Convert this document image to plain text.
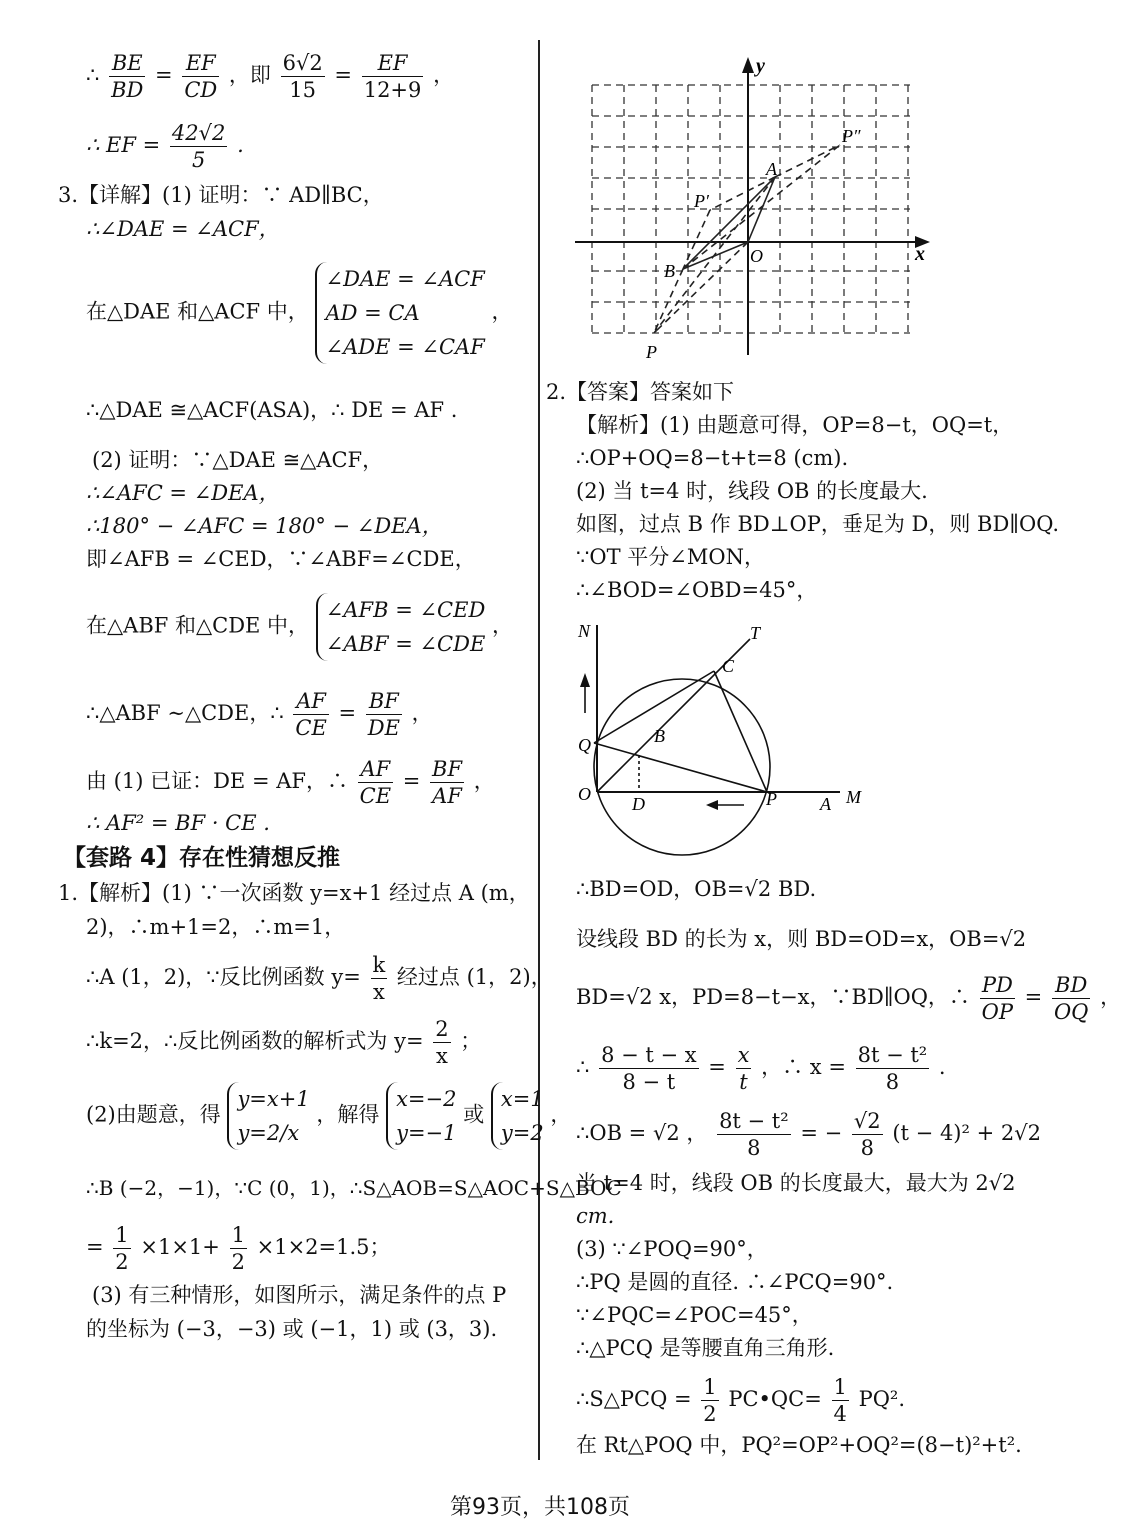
∴ $\frac{BE}{BD} = \frac{EF}{CD}$ ，即 $\frac{6√2}{15} = \frac{EF}{12+9}$ ，
∴ EF = $\frac{42√2}{5}$ .
3.【详解】(1) 证明：∵ AD∥BC，
∴∠DAE = ∠ACF，
在△DAE 和△ACF 中，
∠DAE = ∠ACF
AD = CA
∠ADE = ∠CAF
，
∴△DAE ≅△ACF(ASA)，∴ DE = AF .
(2) 证明：∵△DAE ≅△ACF，
∴∠AFC = ∠DEA，
∴180° − ∠AFC = 180° − ∠DEA，
即∠AFB = ∠CED，∵∠ABF=∠CDE，
在△ABF 和△CDE 中，
∠AFB = ∠CED
∠ABF = ∠CDE
，
∴△ABF ∼△CDE，∴ $\frac{AF}{CE} = \frac{BF}{DE}$ ，
由 (1) 已证：DE = AF，∴ $\frac{AF}{CE} = \frac{BF}{AF}$ ，
∴ AF² = BF · CE .
【套路 4】存在性猜想反推
1.【解析】(1) ∵一次函数 y=x+1 经过点 A (m，
2)，∴m+1=2，∴m=1，
∴A (1，2)，∵反比例函数 $y= \frac{k}{x}$ 经过点 (1，2)，
∴k=2，∴反比例函数的解析式为 $y= \frac{2}{x}$ ；
(2)由题意，得
y=x+1
y=2/x
，解得
x=−2
y=−1
或
x=1
y=2
，
∴B (−2，−1)，∵C (0，1)，∴S△AOB=S△AOC+S△BOC
= $\frac{1}{2} \times 1\times 1+ \frac{1}{2} \times 1\times 2=1.5$；
(3) 有三种情形，如图所示，满足条件的点 P
的坐标为 (−3，−3) 或 (−1，1) 或 (3，3).
y
x
O
A
B
P
P′
P″
2.【答案】答案如下
【解析】(1) 由题意可得，OP=8−t，OQ=t，
∴OP+OQ=8−t+t=8 (cm).
(2) 当 t=4 时，线段 OB 的长度最大.
如图，过点 B 作 BD⊥OP，垂足为 D，则 BD∥OQ.
∵OT 平分∠MON，
∴∠BOD=∠OBD=45°，
N	T
C
Q	B
O D	P A M
∴BD=OD，OB=√2 BD.
设线段 BD 的长为 x，则 BD=OD=x，OB=√2
BD=√2 x，PD=8−t−x，∵BD∥OQ，∴ $\frac{PD}{OP} = \frac{BD}{OQ}$ ，
∴ $\frac{8 - t - x}{8 - t} = \frac{x}{t}$ ，∴ $x = \frac{\text{8t − t²}}{8}$ .
∴OB = √2 ， $\frac{\text{8t − t²}}{8}$ = − $\frac{√2}{8} (t - 4)^2 + 2√2$
当 t=4 时，线段 OB 的长度最大，最大为 2√2
cm.
(3) ∵∠POQ=90°，
∴PQ 是圆的直径. ∴∠PCQ=90°.
∵∠PQC=∠POC=45°，
∴△PCQ 是等腰直角三角形.
∴S△PCQ = $\frac{1}{2}$ PC•QC= $\frac{1}{4} PQ^2$.
在 Rt△POQ 中，PQ²=OP²+OQ²=(8−t)²+t².
第93页，共108页
